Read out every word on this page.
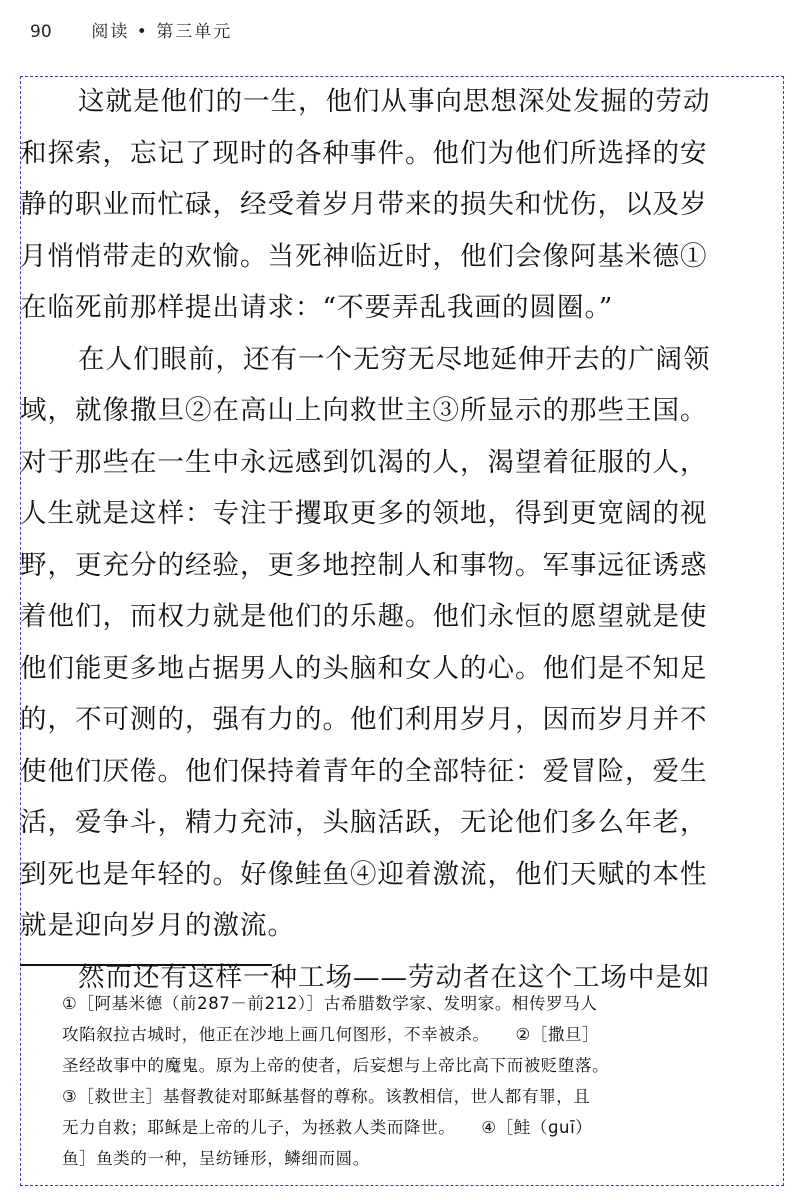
90 阅读 • 第三单元

这就是他们的一生，他们从事向思想深处发掘的劳动

和探索，忘记了现时的各种事件。他们为他们所选择的安

静的职业而忙碌，经受着岁月带来的损失和忧伤，以及岁

月悄悄带走的欢愉。当死神临近时，他们会像阿基米德①

在临死前那样提出请求：“不要弄乱我画的圆圈。”

在人们眼前，还有一个无穷无尽地延伸开去的广阔领

域，就像撒旦②在高山上向救世主③所显示的那些王国。

对于那些在一生中永远感到饥渴的人，渴望着征服的人，

人生就是这样：专注于攫取更多的领地，得到更宽阔的视

野，更充分的经验，更多地控制人和事物。军事远征诱惑

着他们，而权力就是他们的乐趣。他们永恒的愿望就是使

他们能更多地占据男人的头脑和女人的心。他们是不知足

的，不可测的，强有力的。他们利用岁月，因而岁月并不

使他们厌倦。他们保持着青年的全部特征：爱冒险，爱生

活，爱争斗，精力充沛，头脑活跃，无论他们多么年老，

到死也是年轻的。好像鲑鱼④迎着激流，他们天赋的本性

就是迎向岁月的激流。

然而还有这样一种工场——劳动者在这个工场中是如

①［阿基米德（前287－前212）］古希腊数学家、发明家。相传罗马人

攻陷叙拉古城时，他正在沙地上画几何图形，不幸被杀。　　②［撒旦］

圣经故事中的魔鬼。原为上帝的使者，后妄想与上帝比高下而被贬堕落。

③［救世主］基督教徒对耶稣基督的尊称。该教相信，世人都有罪，且

无力自救；耶稣是上帝的儿子，为拯救人类而降世。　　④［鲑（ɡuī）

鱼］鱼类的一种，呈纺锤形，鳞细而圆。
